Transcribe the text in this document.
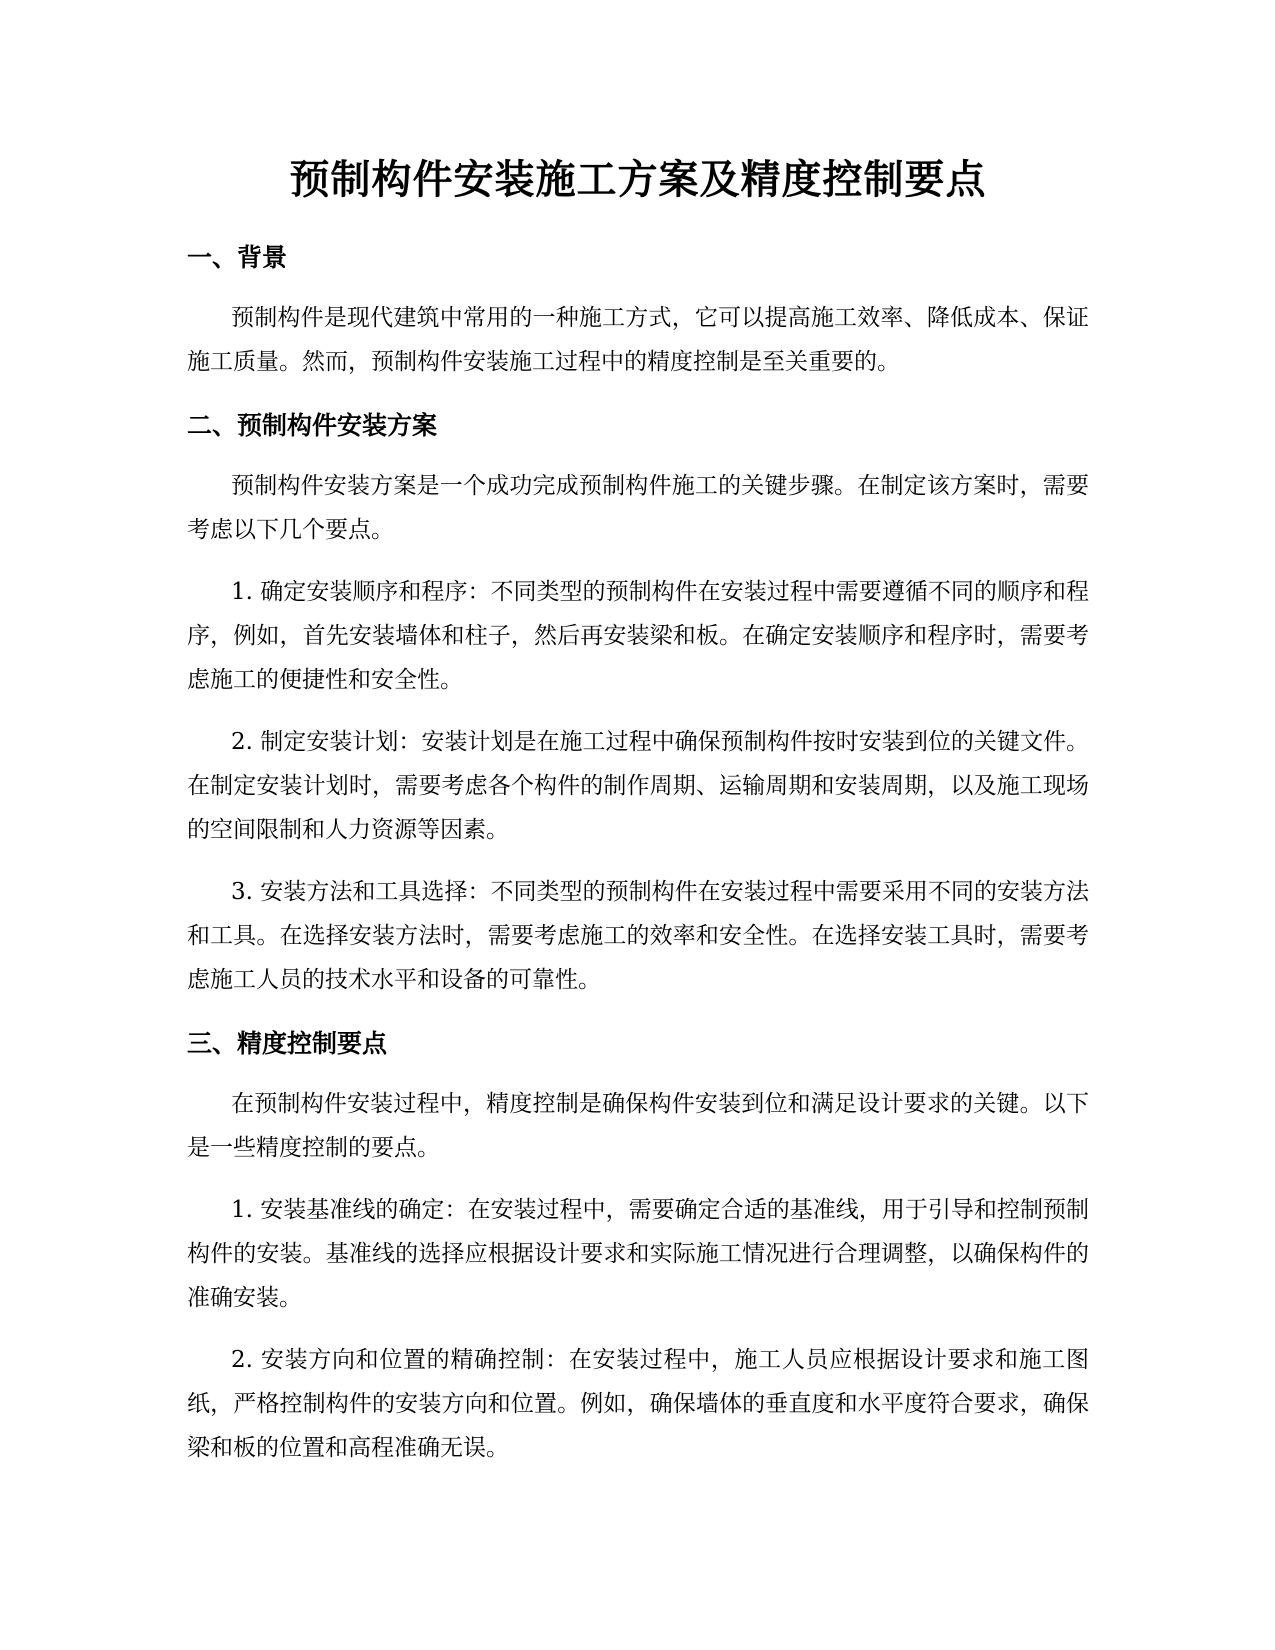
预制构件安装施工方案及精度控制要点
一、背景

预制构件是现代建筑中常用的一种施工方式，它可以提高施工效率、降低成本、保证施工质量。然而，预制构件安装施工过程中的精度控制是至关重要的。

二、预制构件安装方案

预制构件安装方案是一个成功完成预制构件施工的关键步骤。在制定该方案时，需要考虑以下几个要点。

1. 确定安装顺序和程序：不同类型的预制构件在安装过程中需要遵循不同的顺序和程序，例如，首先安装墙体和柱子，然后再安装梁和板。在确定安装顺序和程序时，需要考虑施工的便捷性和安全性。

2. 制定安装计划：安装计划是在施工过程中确保预制构件按时安装到位的关键文件。在制定安装计划时，需要考虑各个构件的制作周期、运输周期和安装周期，以及施工现场的空间限制和人力资源等因素。

3. 安装方法和工具选择：不同类型的预制构件在安装过程中需要采用不同的安装方法和工具。在选择安装方法时，需要考虑施工的效率和安全性。在选择安装工具时，需要考虑施工人员的技术水平和设备的可靠性。

三、精度控制要点

在预制构件安装过程中，精度控制是确保构件安装到位和满足设计要求的关键。以下是一些精度控制的要点。

1. 安装基准线的确定：在安装过程中，需要确定合适的基准线，用于引导和控制预制构件的安装。基准线的选择应根据设计要求和实际施工情况进行合理调整，以确保构件的准确安装。

2. 安装方向和位置的精确控制：在安装过程中，施工人员应根据设计要求和施工图纸，严格控制构件的安装方向和位置。例如，确保墙体的垂直度和水平度符合要求，确保梁和板的位置和高程准确无误。
